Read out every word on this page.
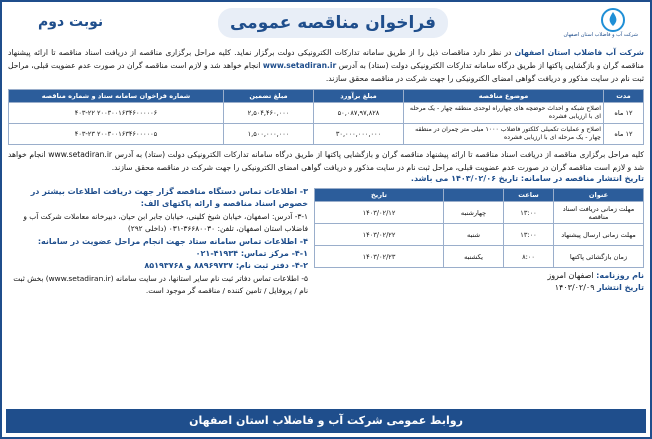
شرکت آب و فاضلاب استان اصفهان
فراخوان مناقصه عمومی
نوبت دوم

شرکت آب فاضلاب استان اصفهان در نظر دارد مناقصات ذیل را از طریق سامانه تدارکات الکترونیکی دولت برگزار نماید. کلیه مراحل برگزاری مناقصه از دریافت اسناد مناقصه تا ارائه پیشنهاد مناقصه گران و بازگشایی پاکتها از طریق درگاه سامانه تدارکات الکترونیکی دولت (ستاد) به آدرس www.setadiran.ir انجام خواهد شد و لازم است مناقصه گران در صورت عدم عضویت قبلی، مراحل ثبت نام در سایت مذکور و دریافت گواهی امضای الکترونیکی را جهت شرکت در مناقصه محقق سازند.

مدت	موضوع مناقصه	مبلغ برآورد	مبلغ تضمین	شماره فراخوان سامانه ستاد و شماره مناقصه
۱۲ ماه	اصلاح شبکه و احداث حوضچه های چهارراه لوحدی منطقه چهار - یک مرحله ای با ارزیابی فشرده	۵۰,۰۸۷,۹۷,۸۲۸	۲,۵۰۴,۴۶۰,۰۰۰	۲۰۰۳۰۰۱۶۳۴۶۰۰۰۰۰۶ ۴۰۳-۲۲
۱۲ ماه	اصلاح و عملیات تکمیلی کلکتور فاضلاب ۱۰۰۰ میلی متر چمران در منطقه چهار - یک مرحله ای با ارزیابی فشرده	۳۰,۰۰۰,۰۰۰,۰۰۰	۱,۵۰۰,۰۰۰,۰۰۰	۲۰۰۳۰۰۱۶۳۴۶۰۰۰۰۰۵ ۴۰۳-۲۳

کلیه مراحل برگزاری مناقصه از دریافت اسناد مناقصه تا ارائه پیشنهاد مناقصه گران و بازگشایی پاکتها از طریق درگاه سامانه تدارکات الکترونیکی دولت (ستاد) به آدرس www.setadiran.ir انجام خواهد شد و لازم است مناقصه گران در صورت عدم عضویت قبلی، مراحل ثبت نام در سایت مذکور و دریافت گواهی امضای الکترونیکی را جهت شرکت در مناقصه محقق سازند.

تاریخ انتشار مناقصه در سامانه: تاریخ ۱۴۰۳/۰۲/۰۶ می باشد.
عنوان	ساعت		تاریخ
مهلت زمانی دریافت اسناد مناقصه	۱۳:۰۰	چهارشنبه	۱۴۰۳/۰۲/۱۲
مهلت زمانی ارسال پیشنهاد	۱۳:۰۰	شنبه	۱۴۰۳/۰۲/۲۲
زمان بازگشائی پاکتها	۸:۰۰	یکشنبه	۱۴۰۳/۰۲/۲۳
نام روزنامه: اصفهان امروز
تاریخ انتشار ۱۴۰۳/۰۲/۰۹
۳- اطلاعات تماس دستگاه مناقصه گزار جهت دریافت اطلاعات بیشتر در خصوص اسناد مناقصه و ارائه پاکتهای الف:
۳-۱- آدرس: اصفهان، خیابان شیخ کلینی، خیابان جابر ابن حیان، دبیرخانه معاملات شرکت آب و فاضلاب استان اصفهان، تلفن: ۳۶۶۸۰۰۳۰-۰۳۱ (داخلی ۲۹۲)
۴- اطلاعات تماس سامانه ستاد جهت انجام مراحل عضویت در سامانه:
۴-۱- مرکز تماس: ۴۱۹۳۴-۰۲۱
۴-۲- دفتر ثبت نام: ۸۸۹۶۹۷۳۷ و ۸۵۱۹۳۷۶۸
۵- اطلاعات تماس دفاتر ثبت نام سایر استانها، در سایت سامانه (www.setadiran.ir) بخش ثبت نام / پروفایل / تامین کننده / مناقصه گر موجود است.
روابط عمومی شرکت آب و فاضلاب استان اصفهان
